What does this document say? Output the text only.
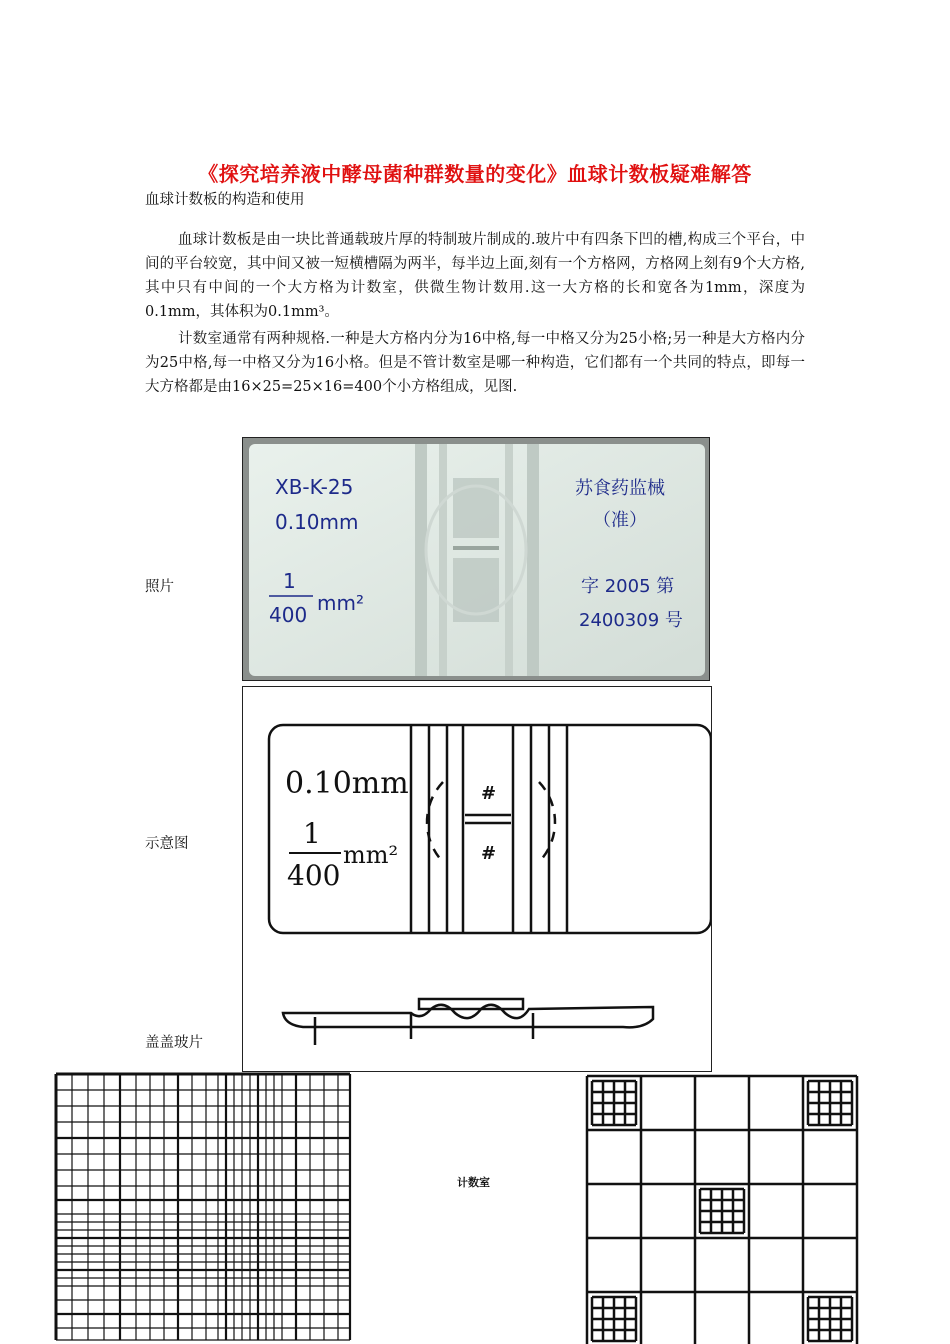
《探究培养液中酵母菌种群数量的变化》血球计数板疑难解答
血球计数板的构造和使用
血球计数板是由一块比普通载玻片厚的特制玻片制成的.玻片中有四条下凹的槽,构成三个平台，中间的平台较宽，其中间又被一短横槽隔为两半，每半边上面,刻有一个方格网，方格网上刻有9个大方格,其中只有中间的一个大方格为计数室，供微生物计数用.这一大方格的长和宽各为1mm，深度为0.1mm，其体积为0.1mm³。
计数室通常有两种规格.一种是大方格内分为16中格,每一中格又分为25小格;另一种是大方格内分为25中格,每一中格又分为16小格。但是不管计数室是哪一种构造，它们都有一个共同的特点，即每一大方格都是由16×25=25×16=400个小方格组成，见图.
照片
示意图
盖盖玻片
XB-K-25
0.10mm
1
400 mm²
苏食药监械
（准）
字 2005 第
2400309 号
0.10mm
1
400
mm²
#
#
计数室
